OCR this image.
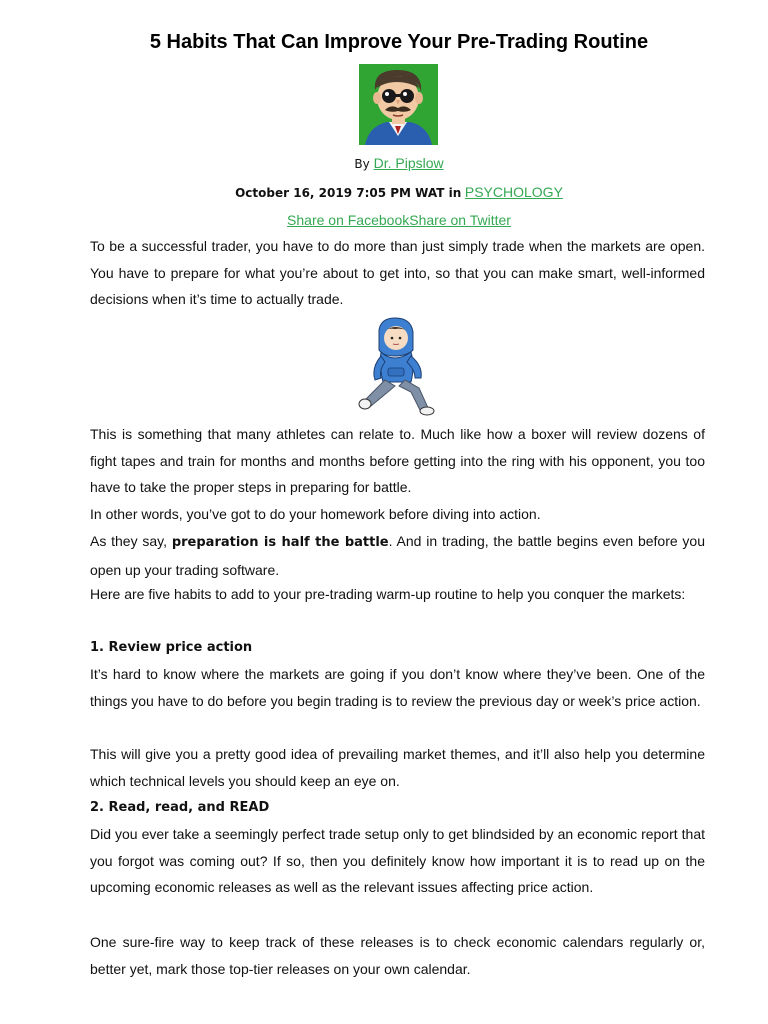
5 Habits That Can Improve Your Pre-Trading Routine
By Dr. Pipslow
October 16, 2019 7:05 PM WAT in PSYCHOLOGY
Share on FacebookShare on Twitter

To be a successful trader, you have to do more than just simply trade when the markets are open. You have to prepare for what you’re about to get into, so that you can make smart, well-informed decisions when it’s time to actually trade.

This is something that many athletes can relate to. Much like how a boxer will review dozens of fight tapes and train for months and months before getting into the ring with his opponent, you too have to take the proper steps in preparing for battle.

In other words, you’ve got to do your homework before diving into action.

As they say, preparation is half the battle. And in trading, the battle begins even before you open up your trading software.

Here are five habits to add to your pre-trading warm-up routine to help you conquer the markets:

1. Review price action

It’s hard to know where the markets are going if you don’t know where they’ve been. One of the things you have to do before you begin trading is to review the previous day or week’s price action.

This will give you a pretty good idea of prevailing market themes, and it’ll also help you determine which technical levels you should keep an eye on.

2. Read, read, and READ

Did you ever take a seemingly perfect trade setup only to get blindsided by an economic report that you forgot was coming out? If so, then you definitely know how important it is to read up on the upcoming economic releases as well as the relevant issues affecting price action.

One sure-fire way to keep track of these releases is to check economic calendars regularly or, better yet, mark those top-tier releases on your own calendar.
